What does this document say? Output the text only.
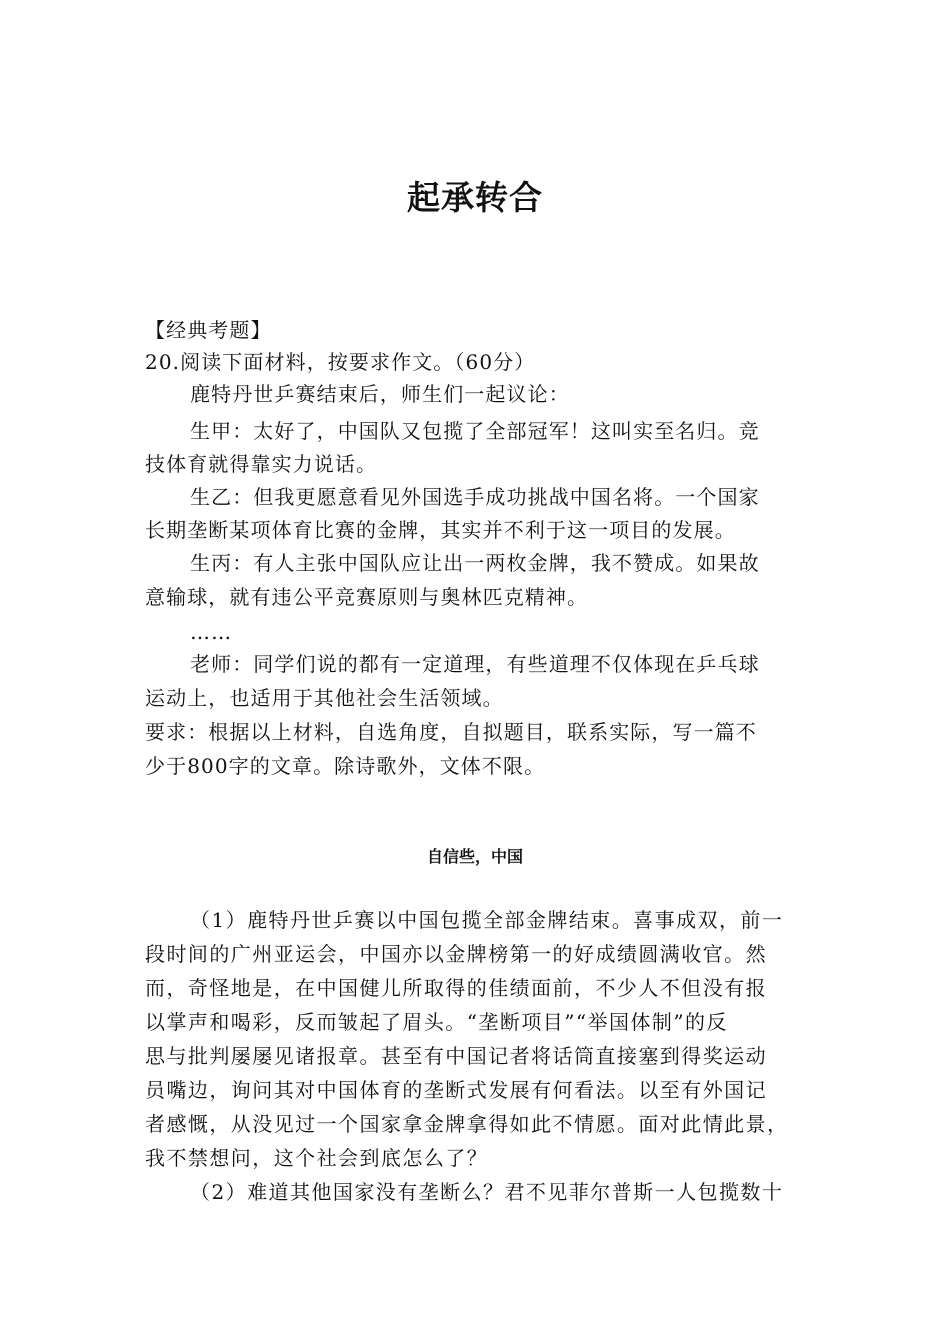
起承转合
【经典考题】
20.阅读下面材料，按要求作文。（60分）
鹿特丹世乒赛结束后，师生们一起议论：
生甲：太好了，中国队又包揽了全部冠军！这叫实至名归。竞
技体育就得靠实力说话。
生乙：但我更愿意看见外国选手成功挑战中国名将。一个国家
长期垄断某项体育比赛的金牌，其实并不利于这一项目的发展。
生丙：有人主张中国队应让出一两枚金牌，我不赞成。如果故
意输球，就有违公平竞赛原则与奥林匹克精神。
……
老师：同学们说的都有一定道理，有些道理不仅体现在乒乓球
运动上，也适用于其他社会生活领域。
要求：根据以上材料，自选角度，自拟题目，联系实际，写一篇不
少于800字的文章。除诗歌外，文体不限。
自信些，中国
（1）鹿特丹世乒赛以中国包揽全部金牌结束。喜事成双，前一
段时间的广州亚运会，中国亦以金牌榜第一的好成绩圆满收官。然
而，奇怪地是，在中国健儿所取得的佳绩面前，不少人不但没有报
以掌声和喝彩，反而皱起了眉头。“垄断项目”“举国体制”的反
思与批判屡屡见诸报章。甚至有中国记者将话筒直接塞到得奖运动
员嘴边，询问其对中国体育的垄断式发展有何看法。以至有外国记
者感慨，从没见过一个国家拿金牌拿得如此不情愿。面对此情此景，
我不禁想问，这个社会到底怎么了？
（2）难道其他国家没有垄断么？君不见菲尔普斯一人包揽数十
